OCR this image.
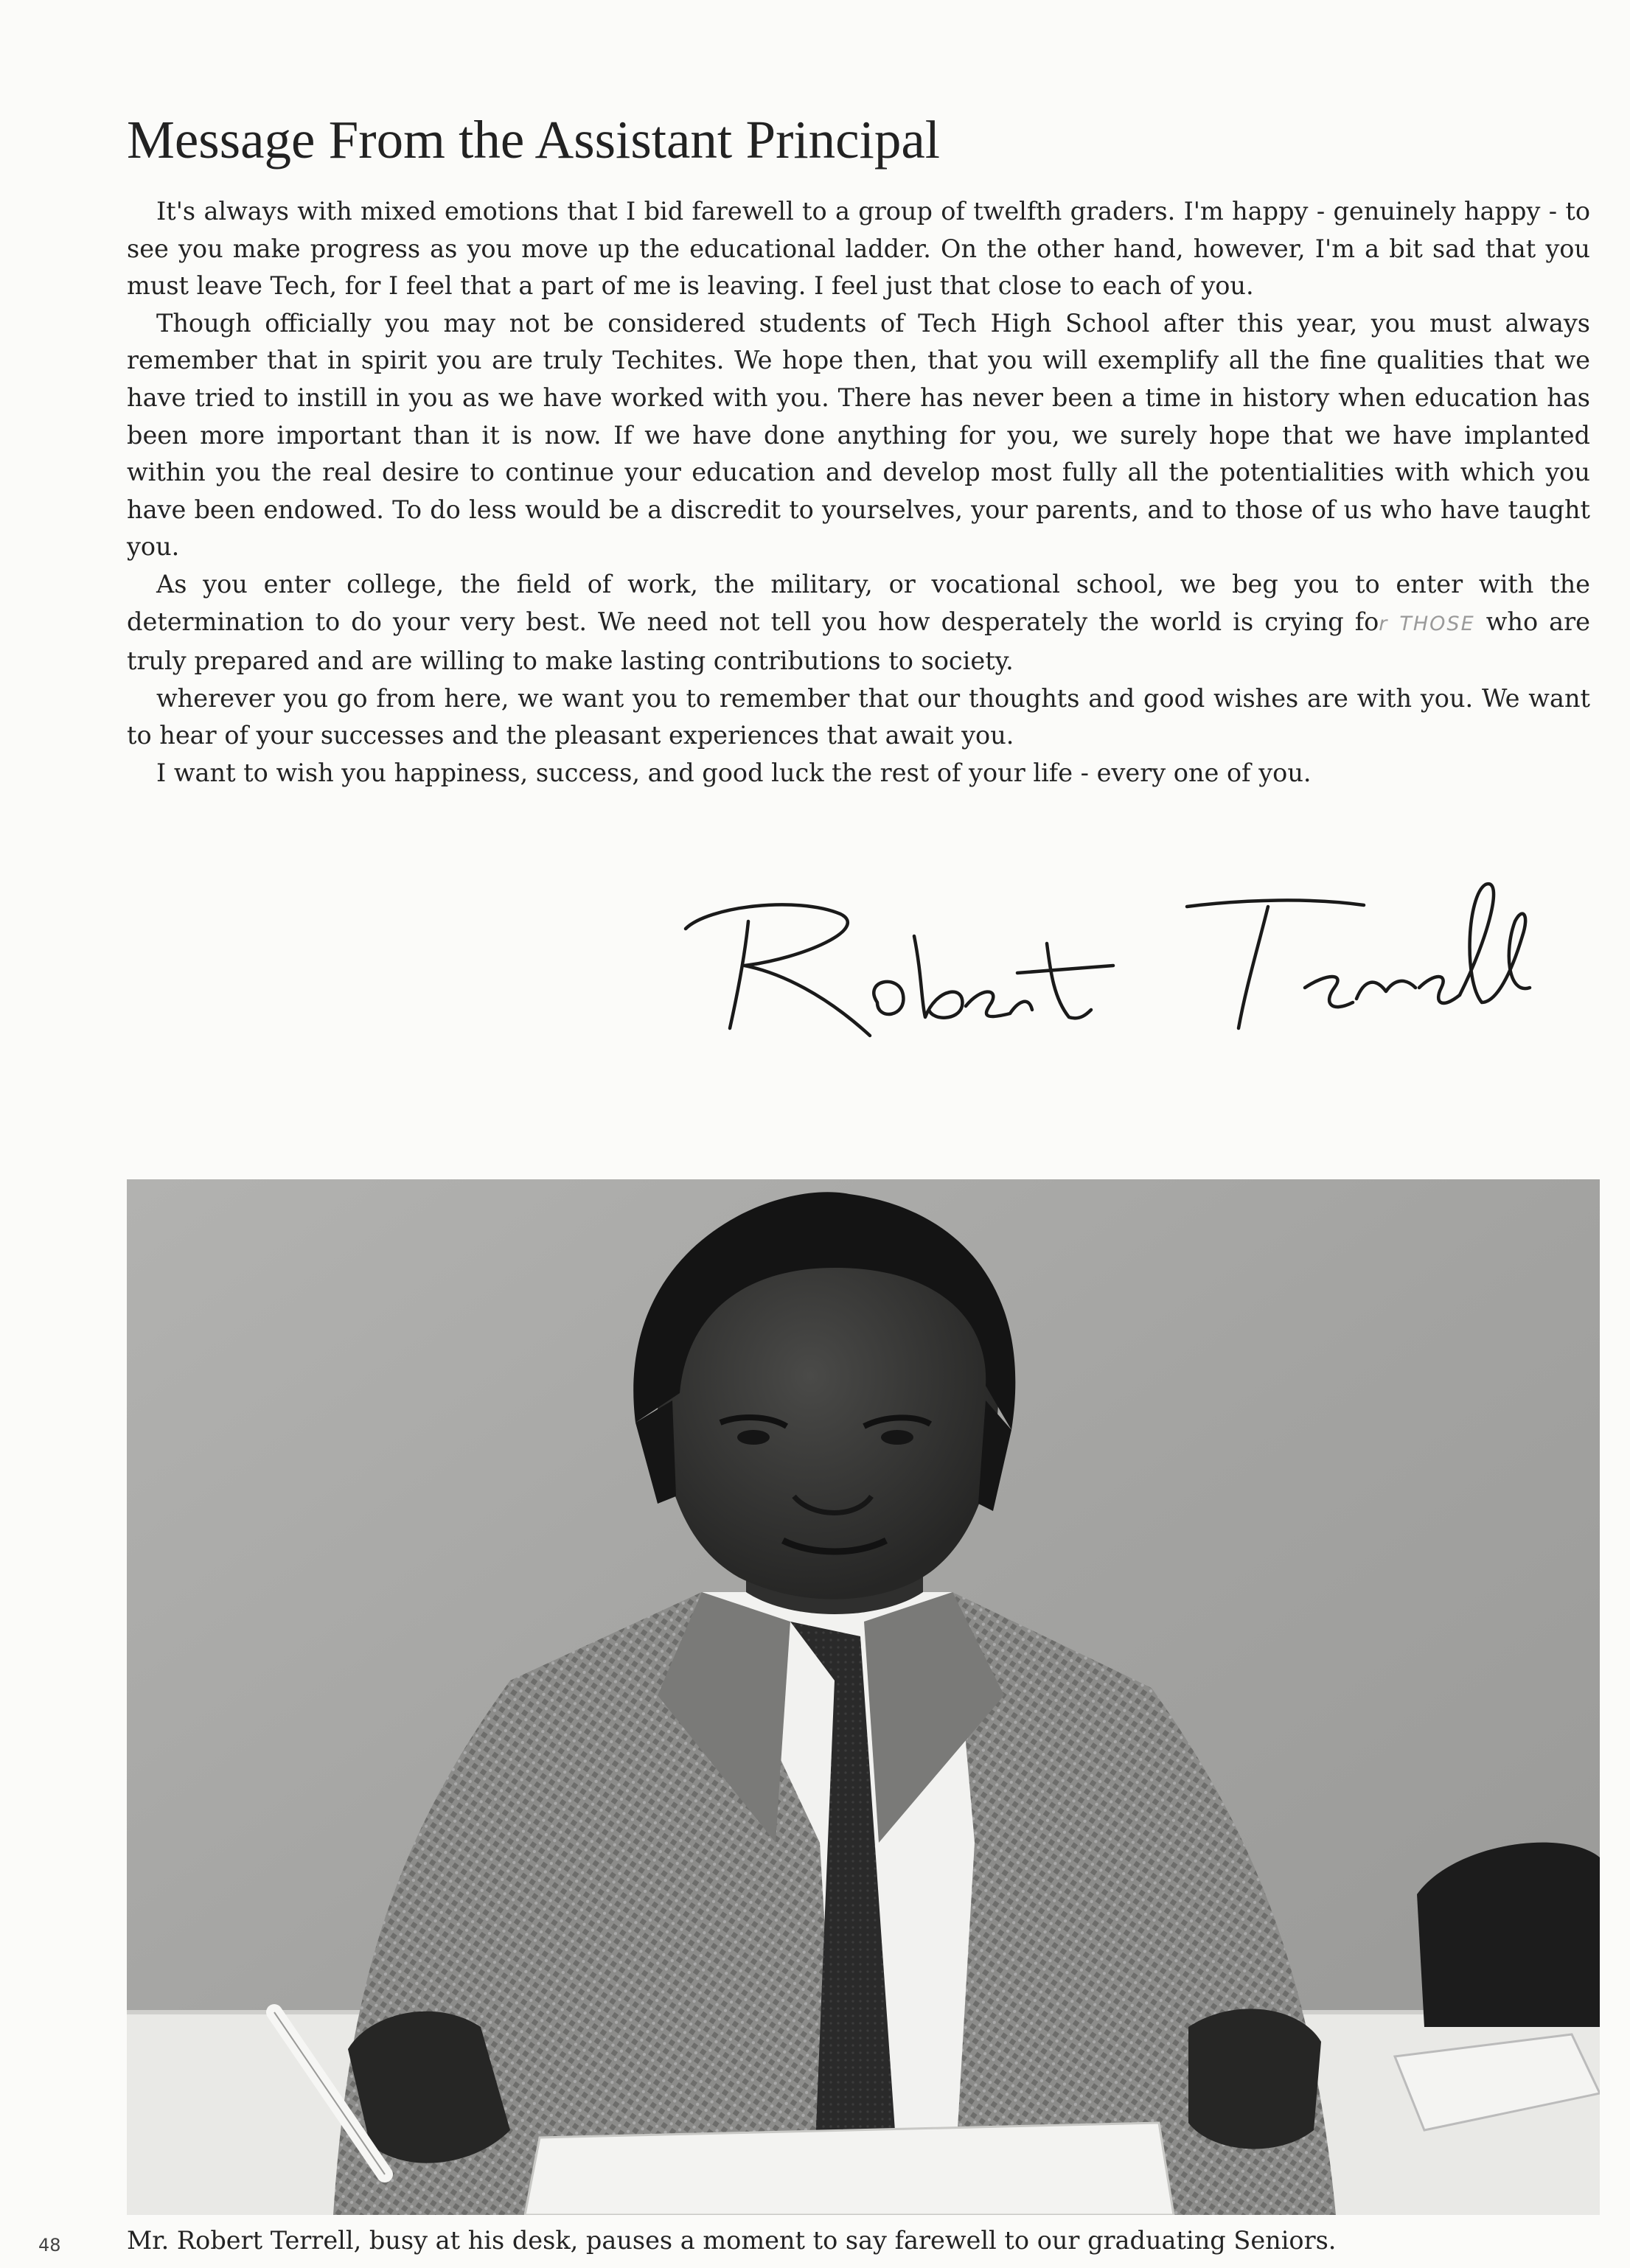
Message From the Assistant Principal

It's always with mixed emotions that I bid farewell to a group of twelfth graders. I'm happy - genuinely happy - to see you make progress as you move up the educational ladder. On the other hand, however, I'm a bit sad that you must leave Tech, for I feel that a part of me is leaving. I feel just that close to each of you.

Though officially you may not be considered students of Tech High School after this year, you must always remember that in spirit you are truly Techites. We hope then, that you will exemplify all the fine qualities that we have tried to instill in you as we have worked with you. There has never been a time in history when education has been more important than it is now. If we have done anything for you, we surely hope that we have implanted within you the real desire to continue your education and develop most fully all the potentialities with which you have been endowed. To do less would be a discredit to yourselves, your parents, and to those of us who have taught you.

As you enter college, the field of work, the military, or vocational school, we beg you to enter with the determination to do your very best. We need not tell you how desperately the world is crying for THOSE who are truly prepared and are willing to make lasting contributions to society.

wherever you go from here, we want you to remember that our thoughts and good wishes are with you. We want to hear of your successes and the pleasant experiences that await you.

I want to wish you happiness, success, and good luck the rest of your life - every one of you.

48	Mr. Robert Terrell, busy at his desk, pauses a moment to say farewell to our graduating Seniors.
